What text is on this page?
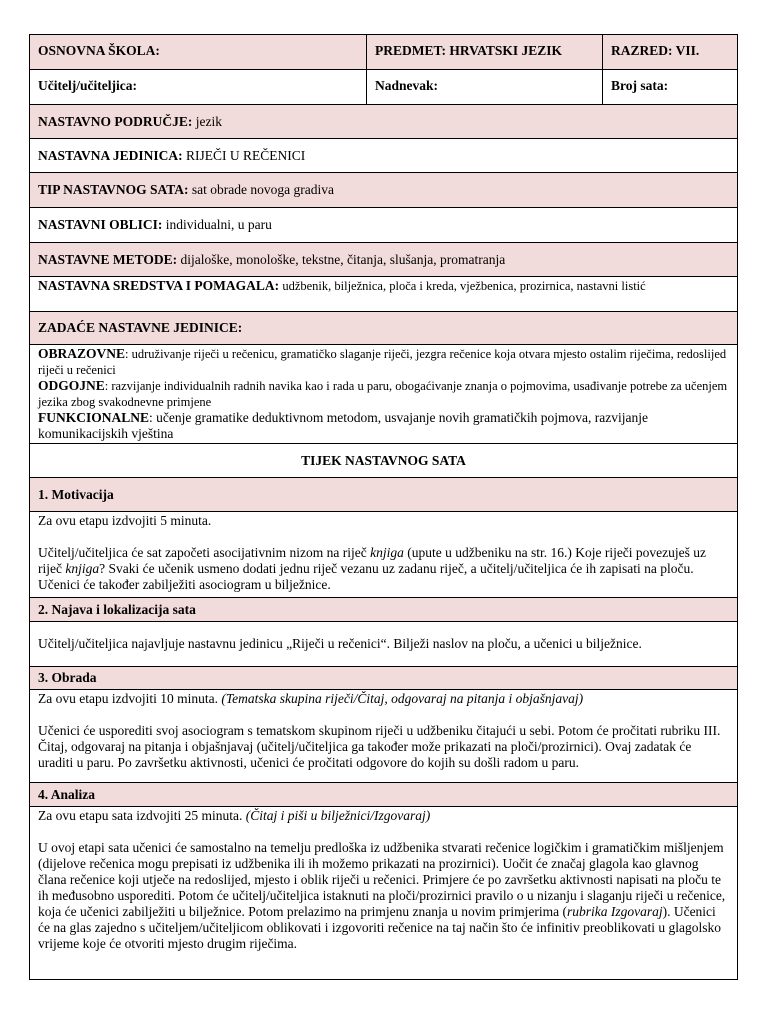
OSNOVNA ŠKOLA:	PREDMET: HRVATSKI JEZIK	RAZRED: VII.
Učitelj/učiteljica:	Nadnevak:	Broj sata:
NASTAVNO PODRUČJE: jezik
NASTAVNA JEDINICA: RIJEČI U REČENICI
TIP NASTAVNOG SATA: sat obrade novoga gradiva
NASTAVNI OBLICI: individualni, u paru
NASTAVNE METODE: dijaloške, monološke, tekstne, čitanja, slušanja, promatranja
NASTAVNA SREDSTVA I POMAGALA: udžbenik, bilježnica, ploča i kreda, vježbenica, prozirnica, nastavni listić
ZADAĆE NASTAVNE JEDINICE:

OBRAZOVNE: udruživanje riječi u rečenicu, gramatičko slaganje riječi, jezgra rečenice koja otvara mjesto ostalim riječima, redoslijed riječi u rečenici

ODGOJNE: razvijanje individualnih radnih navika kao i rada u paru, obogaćivanje znanja o pojmovima, usađivanje potrebe za učenjem jezika zbog svakodnevne primjene

FUNKCIONALNE: učenje gramatike deduktivnom metodom, usvajanje novih gramatičkih pojmova, razvijanje komunikacijskih vještina

TIJEK NASTAVNOG SATA
1. Motivacija

Za ovu etapu izdvojiti 5 minuta.

Učitelj/učiteljica će sat započeti asocijativnim nizom na riječ knjiga (upute u udžbeniku na str. 16.) Koje riječi povezuješ uz riječ knjiga? Svaki će učenik usmeno dodati jednu riječ vezanu uz zadanu riječ, a učitelj/učiteljica će ih zapisati na ploču. Učenici će također zabilježiti asociogram u bilježnice.

2. Najava i lokalizacija sata

Učitelj/učiteljica najavljuje nastavnu jedinicu „Riječi u rečenici“. Bilježi naslov na ploču, a učenici u bilježnice.

3. Obrada

Za ovu etapu izdvojiti 10 minuta. (Tematska skupina riječi/Čitaj, odgovaraj na pitanja i objašnjavaj)

Učenici će usporediti svoj asociogram s tematskom skupinom riječi u udžbeniku čitajući u sebi. Potom će pročitati rubriku III. Čitaj, odgovaraj na pitanja i objašnjavaj (učitelj/učiteljica ga također može prikazati na ploči/prozirnici). Ovaj zadatak će uraditi u paru. Po završetku aktivnosti, učenici će pročitati odgovore do kojih su došli radom u paru.

4. Analiza

Za ovu etapu sata izdvojiti 25 minuta. (Čitaj i piši u bilježnici/Izgovaraj)

U ovoj etapi sata učenici će samostalno na temelju predloška iz udžbenika stvarati rečenice logičkim i gramatičkim mišljenjem (dijelove rečenica mogu prepisati iz udžbenika ili ih možemo prikazati na prozirnici). Uočit će značaj glagola kao glavnog člana rečenice koji utječe na redoslijed, mjesto i oblik riječi u rečenici. Primjere će po završetku aktivnosti napisati na ploču te ih međusobno usporediti. Potom će učitelj/učiteljica istaknuti na ploči/prozirnici pravilo o u nizanju i slaganju riječi u rečenice, koja će učenici zabilježiti u bilježnice. Potom prelazimo na primjenu znanja u novim primjerima (rubrika Izgovaraj). Učenici će na glas zajedno s učiteljem/učiteljicom oblikovati i izgovoriti rečenice na taj način što će infinitiv preoblikovati u glagolsko vrijeme koje će otvoriti mjesto drugim riječima.
